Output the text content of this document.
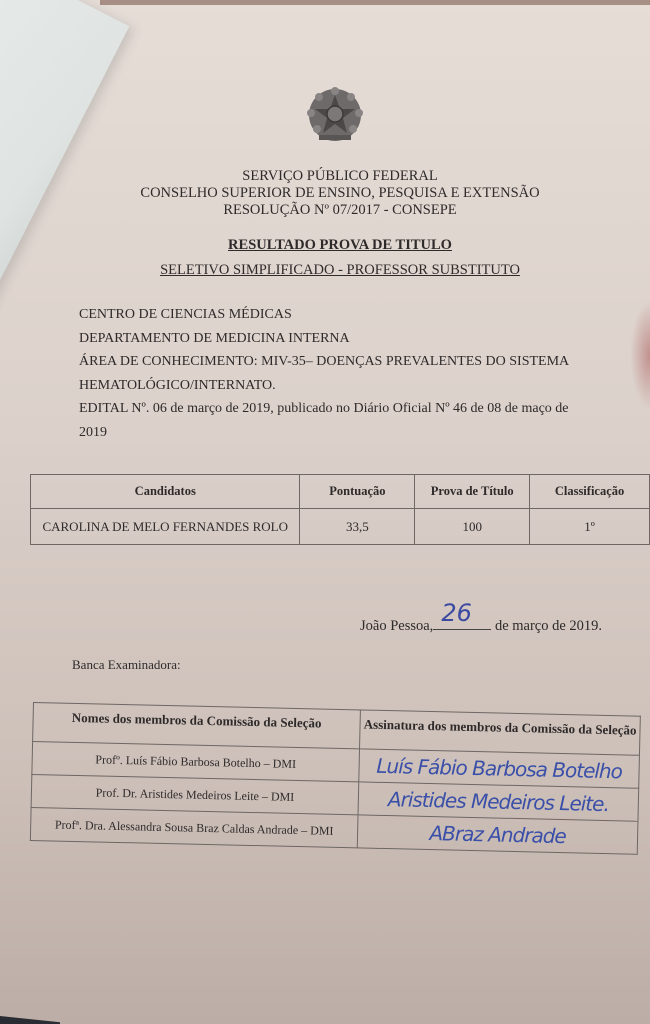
SERVIÇO PÚBLICO FEDERAL
CONSELHO SUPERIOR DE ENSINO, PESQUISA E EXTENSÃO
RESOLUÇÃO Nº 07/2017 - CONSEPE
RESULTADO PROVA DE TITULO
SELETIVO SIMPLIFICADO - PROFESSOR SUBSTITUTO
CENTRO DE CIENCIAS MÉDICAS
DEPARTAMENTO DE MEDICINA INTERNA
ÁREA DE CONHECIMENTO: MIV-35– DOENÇAS PREVALENTES DO SISTEMA
HEMATOLÓGICO/INTERNATO.
EDITAL Nº. 06 de março de 2019, publicado no Diário Oficial Nº 46 de 08 de maço de
2019
Candidatos	Pontuação	Prova de Título	Classificação
CAROLINA DE MELO FERNANDES ROLO	33,5	100	1º
João Pessoa, 26 de março de 2019.
Banca Examinadora:
Nomes dos membros da Comissão da Seleção	Assinatura dos membros da Comissão da Seleção
Profº. Luís Fábio Barbosa Botelho – DMI	Luís Fábio Barbosa Botelho
Prof. Dr. Aristides Medeiros Leite – DMI	Aristides Medeiros Leite.
Profª. Dra. Alessandra Sousa Braz Caldas Andrade – DMI	ABraz Andrade
